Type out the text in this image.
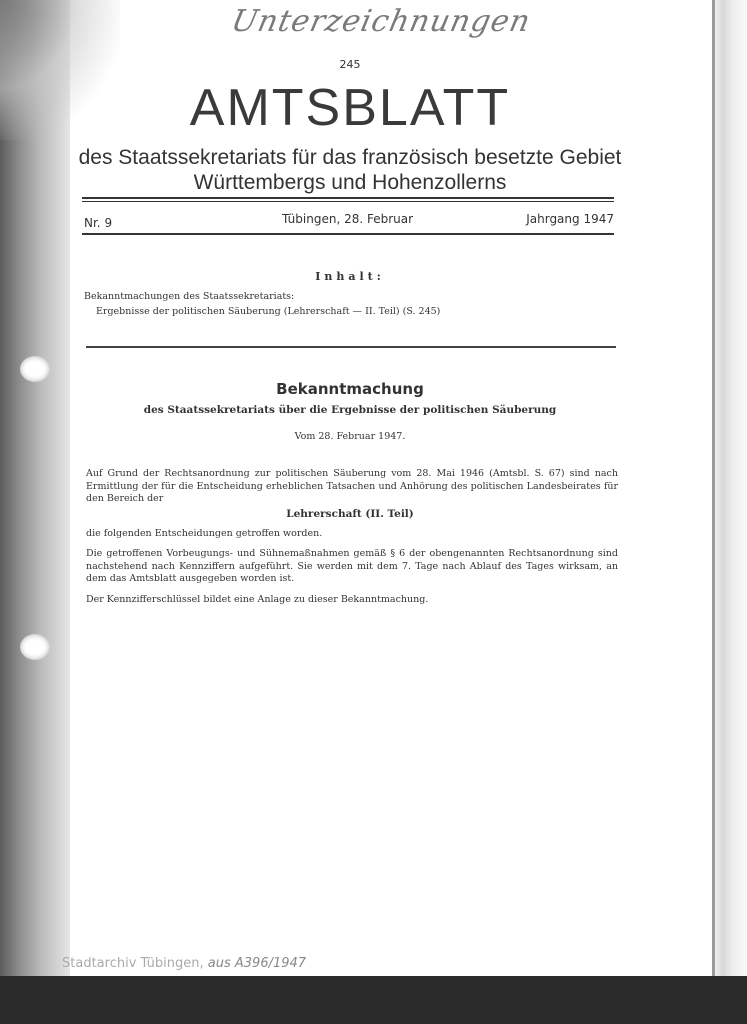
Unterzeichnungen
245
AMTSBLATT
des Staatssekretariats für das französisch besetzte Gebiet
Württembergs und Hohenzollerns
Nr. 9	Tübingen, 28. Februar	Jahrgang 1947
Inhalt:
Bekanntmachungen des Staatssekretariats:
Ergebnisse der politischen Säuberung (Lehrerschaft — II. Teil) (S. 245)
Bekanntmachung
des Staatssekretariats über die Ergebnisse der politischen Säuberung
Vom 28. Februar 1947.
Auf Grund der Rechtsanordnung zur politischen Säuberung vom 28. Mai 1946 (Amtsbl. S. 67) sind nach Ermittlung der für die Entscheidung erheblichen Tatsachen und Anhörung des politischen Landesbeirates für den Bereich der
Lehrerschaft (II. Teil)
die folgenden Entscheidungen getroffen worden.
Die getroffenen Vorbeugungs- und Sühnemaßnahmen gemäß § 6 der obengenannten Rechtsanordnung sind nachstehend nach Kennziffern aufgeführt. Sie werden mit dem 7. Tage nach Ablauf des Tages wirksam, an dem das Amtsblatt ausgegeben worden ist.
Der Kennzifferschlüssel bildet eine Anlage zu dieser Bekanntmachung.
Stadtarchiv Tübingen, aus A396/1947
